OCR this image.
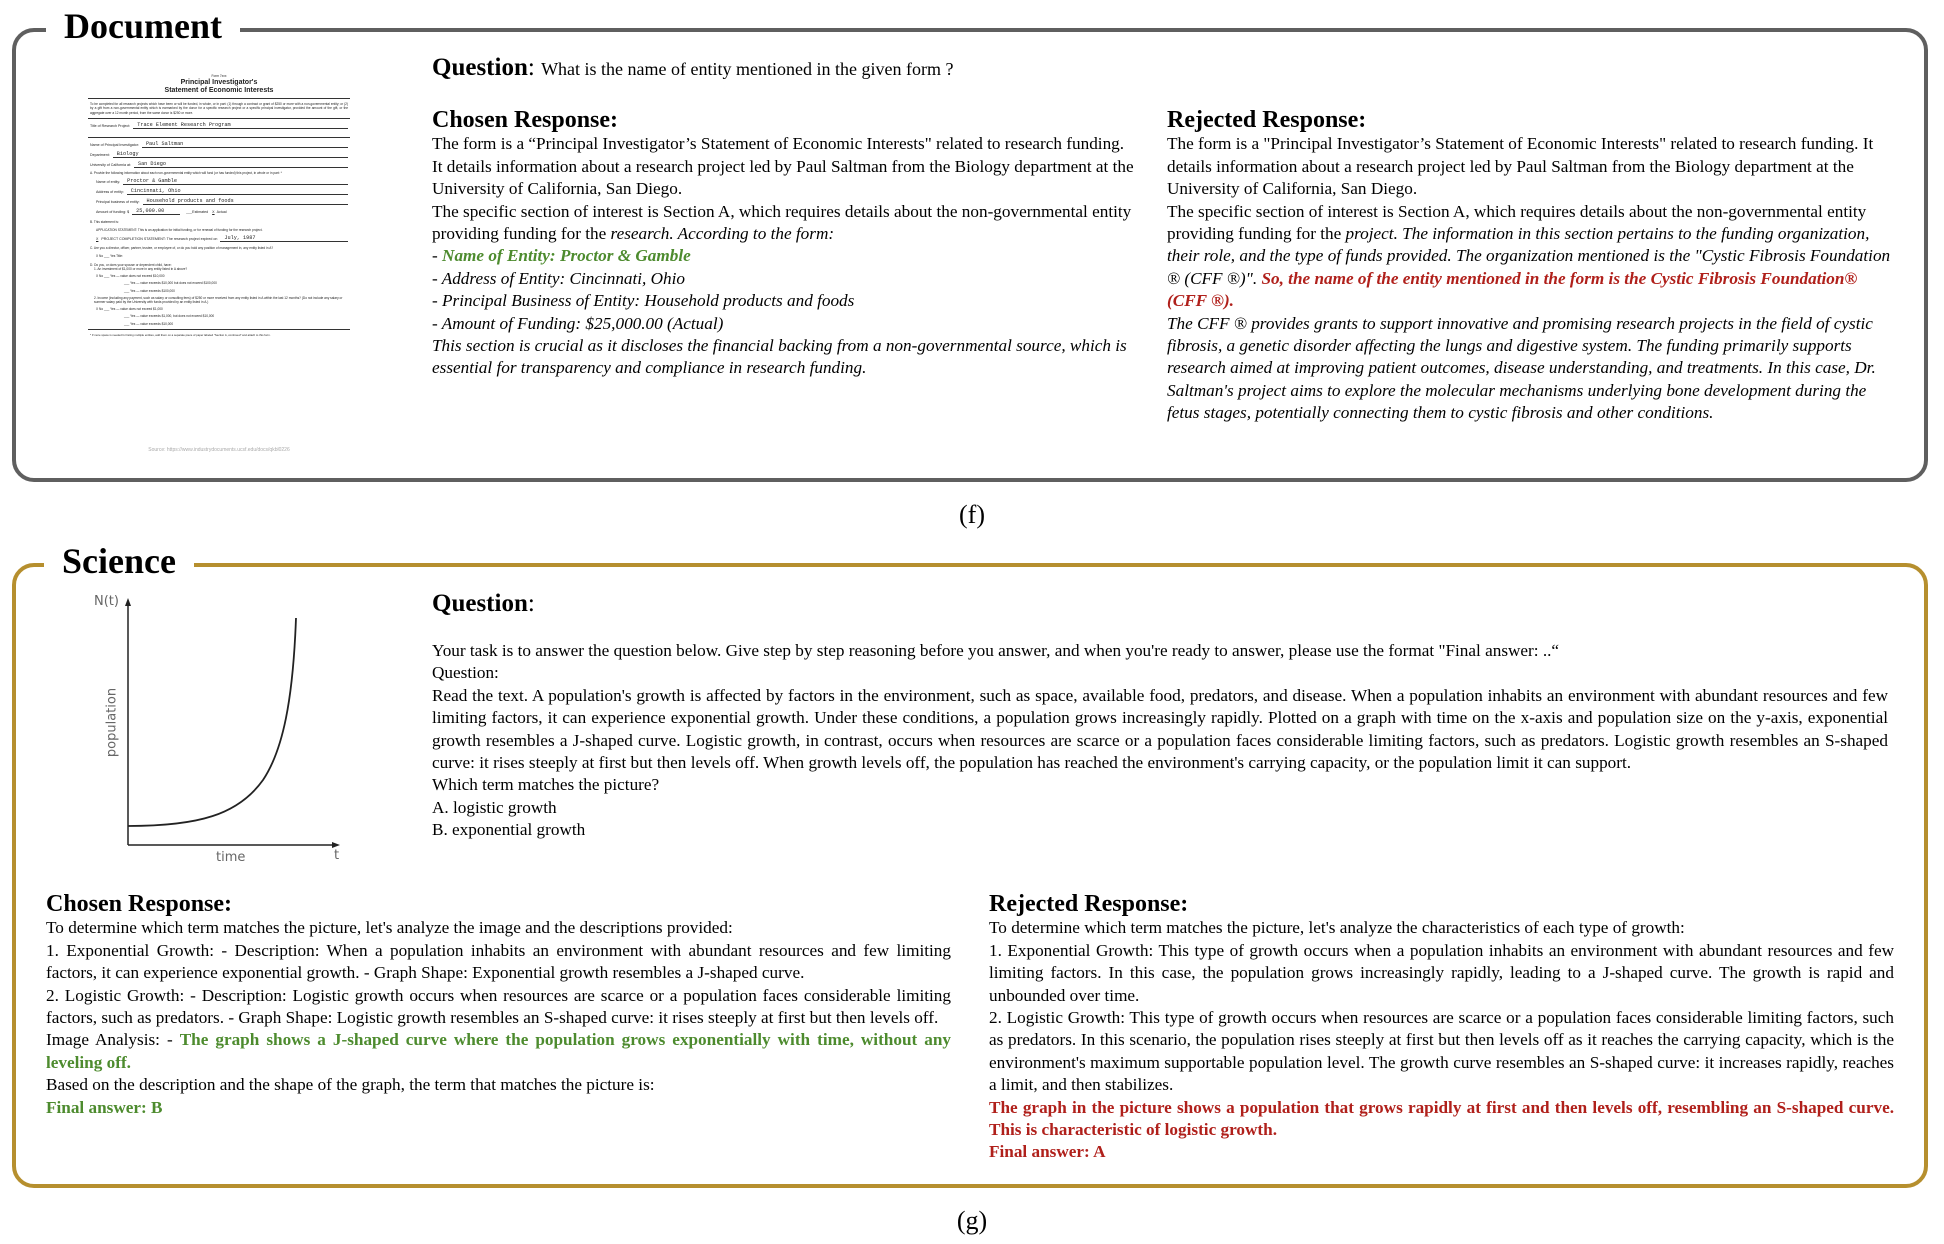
Document
Form 7xxx
Principal Investigator's
Statement of Economic Interests
To be completed for all research projects which have been or will be funded, in whole, or in part: (1) through a contract or grant of $250 or more with a non-governmental entity; or (2) by a gift from a non-governmental entity which is earmarked by the donor for a specific research project or a specific principal investigator, provided the amount of the gift, or the aggregate over a 12 month period, from the same donor is $250 or more.
Title of Research Project:	Trace Element Research Program
Name of Principal Investigator:	Paul Saltman
Department:	Biology
University of California at:	San Diego
A. Provide the following information about each non-governmental entity which will fund (or has funded) this project, in whole or in part: *
Name of entity:	Proctor & Gamble
Address of entity:	Cincinnati, Ohio
Principal business of entity:	Household products and foods
Amount of funding: $	25,000.00	___ Estimated X Actual
B. This statement is:
APPLICATION STATEMENT: This is an application for initial funding, or for renewal of funding for the research project.
X PROJECT COMPLETION STATEMENT: The research project expired on	July, 1987
C. Are you a director, officer, partner, trustee, or employee of, or do you hold any position of management in, any entity listed in A?
X No ___ Yes Title:
D. Do you, or does your spouse or dependent child, have:
1. An investment of $1,000 or more in any entity listed in A above?
X No ___ Yes — value does not exceed $10,000
___ Yes — value exceeds $10,000 but does not exceed $100,000
___ Yes — value exceeds $100,000
2. Income (including any payment, such as salary or consulting fees) of $250 or more received from any entity listed in A within the last 12 months? (Do not include any salary or summer salary paid by the University with funds provided by an entity listed in A.)
X No ___ Yes — value does not exceed $1,000
___ Yes — value exceeds $1,000, but does not exceed $10,000
___ Yes — value exceeds $10,000
* If more space is needed for listing multiple entities, add them on a separate piece of paper labeled "Section A, continued" and attach to this form.
Source: https://www.industrydocuments.ucsf.edu/docs/qkbl0226
Question: What is the name of entity mentioned in the given form ?
Chosen Response:
The form is a “Principal Investigator’s Statement of Economic Interests" related to research funding. It details information about a research project led by Paul Saltman from the Biology department at the University of California, San Diego.
The specific section of interest is Section A, which requires details about the non-governmental entity providing funding for the research. According to the form:
- Name of Entity: Proctor & Gamble
- Address of Entity: Cincinnati, Ohio
- Principal Business of Entity: Household products and foods
- Amount of Funding: $25,000.00 (Actual)
This section is crucial as it discloses the financial backing from a non-governmental source, which is essential for transparency and compliance in research funding.
Rejected Response:
The form is a "Principal Investigator’s Statement of Economic Interests" related to research funding. It details information about a research project led by Paul Saltman from the Biology department at the University of California, San Diego.
The specific section of interest is Section A, which requires details about the non-governmental entity providing funding for the project. The information in this section pertains to the funding organization, their role, and the type of funds provided. The organization mentioned is the "Cystic Fibrosis Foundation ® (CFF ®)". So, the name of the entity mentioned in the form is the Cystic Fibrosis Foundation® (CFF ®).
The CFF ® provides grants to support innovative and promising research projects in the field of cystic fibrosis, a genetic disorder affecting the lungs and digestive system. The funding primarily supports research aimed at improving patient outcomes, disease understanding, and treatments. In this case, Dr. Saltman's project aims to explore the molecular mechanisms underlying bone development during the fetus stages, potentially connecting them to cystic fibrosis and other conditions.
(f)
Science
N(t)
population
time	t
Question:
Your task is to answer the question below. Give step by step reasoning before you answer, and when you're ready to answer, please use the format "Final answer: ..“
Question:
Read the text. A population's growth is affected by factors in the environment, such as space, available food, predators, and disease. When a population inhabits an environment with abundant resources and few limiting factors, it can experience exponential growth. Under these conditions, a population grows increasingly rapidly. Plotted on a graph with time on the x-axis and population size on the y-axis, exponential growth resembles a J-shaped curve. Logistic growth, in contrast, occurs when resources are scarce or a population faces considerable limiting factors, such as predators. Logistic growth resembles an S-shaped curve: it rises steeply at first but then levels off. When growth levels off, the population has reached the environment's carrying capacity, or the population limit it can support.
Which term matches the picture?
A. logistic growth
B. exponential growth
Chosen Response:
To determine which term matches the picture, let's analyze the image and the descriptions provided:
1. Exponential Growth: - Description: When a population inhabits an environment with abundant resources and few limiting factors, it can experience exponential growth. - Graph Shape: Exponential growth resembles a J-shaped curve.
2. Logistic Growth: - Description: Logistic growth occurs when resources are scarce or a population faces considerable limiting factors, such as predators. - Graph Shape: Logistic growth resembles an S-shaped curve: it rises steeply at first but then levels off.
Image Analysis: - The graph shows a J-shaped curve where the population grows exponentially with time, without any leveling off.
Based on the description and the shape of the graph, the term that matches the picture is:
Final answer: B
Rejected Response:
To determine which term matches the picture, let's analyze the characteristics of each type of growth:
1. Exponential Growth: This type of growth occurs when a population inhabits an environment with abundant resources and few limiting factors. In this case, the population grows increasingly rapidly, leading to a J-shaped curve. The growth is rapid and unbounded over time.
2. Logistic Growth: This type of growth occurs when resources are scarce or a population faces considerable limiting factors, such as predators. In this scenario, the population rises steeply at first but then levels off as it reaches the carrying capacity, which is the environment's maximum supportable population level. The growth curve resembles an S-shaped curve: it increases rapidly, reaches a limit, and then stabilizes.
The graph in the picture shows a population that grows rapidly at first and then levels off, resembling an S-shaped curve. This is characteristic of logistic growth.
Final answer: A
(g)
